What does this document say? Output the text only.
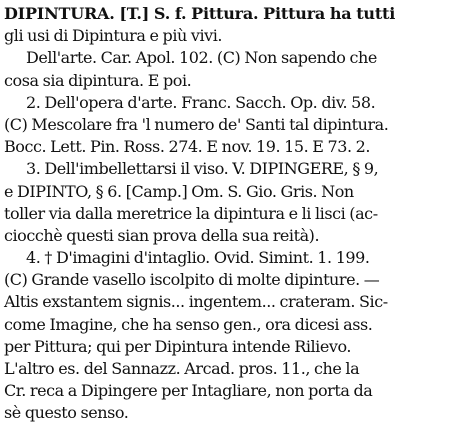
DIPINTURA. [T.] S. f. Pittura. Pittura ha tutti
gli usi di Dipintura e più vivi.
Dell'arte. Car. Apol. 102. (C) Non sapendo che
cosa sia dipintura. E poi.
2. Dell'opera d'arte. Franc. Sacch. Op. div. 58.
(C) Mescolare fra 'l numero de' Santi tal dipintura.
Bocc. Lett. Pin. Ross. 274. E nov. 19. 15. E 73. 2.
3. Dell'imbellettarsi il viso. V. DIPINGERE, § 9,
e DIPINTO, § 6. [Camp.] Om. S. Gio. Gris. Non
toller via dalla meretrice la dipintura e li lisci (ac-
ciocchè questi sian prova della sua reità).
4. † D'imagini d'intaglio. Ovid. Simint. 1. 199.
(C) Grande vasello iscolpito di molte dipinture. —
Altis exstantem signis... ingentem... crateram. Sic-
come Imagine, che ha senso gen., ora dicesi ass.
per Pittura; qui per Dipintura intende Rilievo.
L'altro es. del Sannazz. Arcad. pros. 11., che la
Cr. reca a Dipingere per Intagliare, non porta da
sè questo senso.
